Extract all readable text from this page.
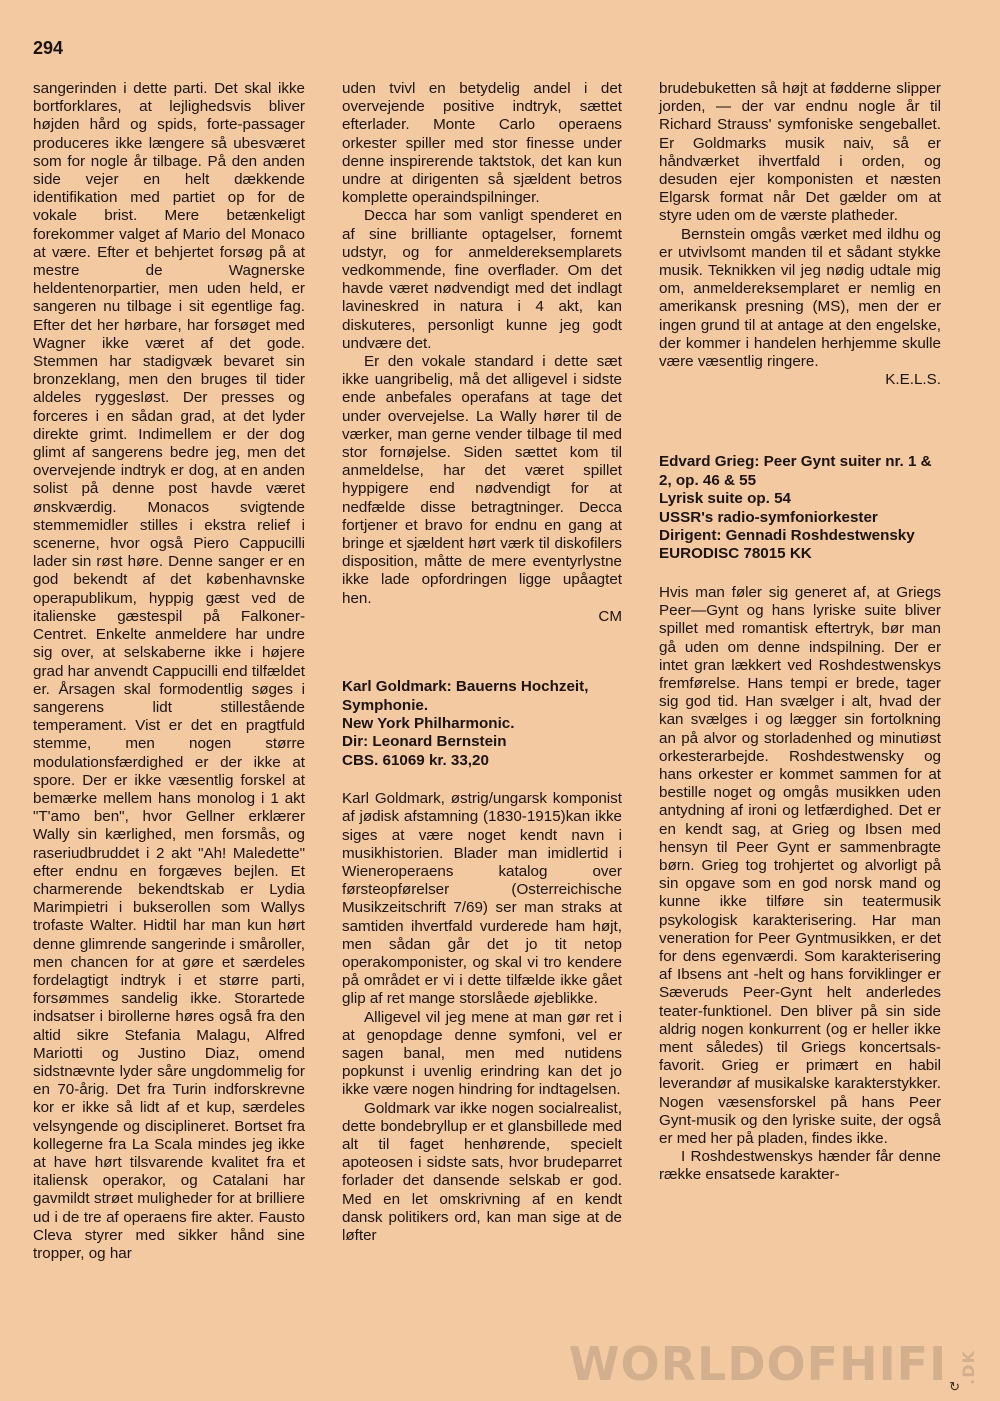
294

sangerinden i dette parti. Det skal ikke bortforklares, at lejlighedsvis bliver højden hård og spids, forte-passager produceres ikke længere så ubesværet som for nogle år tilbage. På den anden side vejer en helt dækkende identifikation med partiet op for de vokale brist. Mere betænkeligt forekommer valget af Mario del Monaco at være. Efter et behjertet forsøg på at mestre de Wagnerske heldentenorpartier, men uden held, er sangeren nu tilbage i sit egentlige fag. Efter det her hørbare, har forsøget med Wagner ikke været af det gode. Stemmen har stadigvæk bevaret sin bronzeklang, men den bruges til tider aldeles ryggesløst. Der presses og forceres i en sådan grad, at det lyder direkte grimt. Indimellem er der dog glimt af sangerens bedre jeg, men det overvejende indtryk er dog, at en anden solist på denne post havde været ønskværdig. Monacos svigtende stemmemidler stilles i ekstra relief i scenerne, hvor også Piero Cappucilli lader sin røst høre. Denne sanger er en god bekendt af det københavnske operapublikum, hyppig gæst ved de italienske gæstespil på Falkoner-Centret. Enkelte anmeldere har undre sig over, at selskaberne ikke i højere grad har anvendt Cappucilli end tilfældet er. Årsagen skal formodentlig søges i sangerens lidt stillestående temperament. Vist er det en pragtfuld stemme, men nogen større modulationsfærdighed er der ikke at spore. Der er ikke væsentlig forskel at bemærke mellem hans monolog i 1 akt "T'amo ben", hvor Gellner erklærer Wally sin kærlighed, men forsmås, og raseriudbruddet i 2 akt "Ah! Maledette" efter endnu en forgæves bejlen. Et charmerende bekendtskab er Lydia Marimpietri i bukserollen som Wallys trofaste Walter. Hidtil har man kun hørt denne glimrende sangerinde i småroller, men chancen for at gøre et særdeles fordelagtigt indtryk i et større parti, forsømmes sandelig ikke. Storartede indsatser i birollerne høres også fra den altid sikre Stefania Malagu, Alfred Mariotti og Justino Diaz, omend sidstnævnte lyder såre ungdommelig for en 70-årig. Det fra Turin indforskrevne kor er ikke så lidt af et kup, særdeles velsyngende og disciplineret. Bortset fra kollegerne fra La Scala mindes jeg ikke at have hørt tilsvarende kvalitet fra et italiensk operakor, og Catalani har gavmildt strøet muligheder for at brilliere ud i de tre af operaens fire akter. Fausto Cleva styrer med sikker hånd sine tropper, og har

uden tvivl en betydelig andel i det overvejende positive indtryk, sættet efterlader. Monte Carlo operaens orkester spiller med stor finesse under denne inspirerende taktstok, det kan kun undre at dirigenten så sjældent betros komplette operaindspilninger.

Decca har som vanligt spenderet en af sine brilliante optagelser, fornemt udstyr, og for anmeldereksemplarets vedkommende, fine overflader. Om det havde været nødvendigt med det indlagt lavineskred in natura i 4 akt, kan diskuteres, personligt kunne jeg godt undvære det.

Er den vokale standard i dette sæt ikke uangribelig, må det alligevel i sidste ende anbefales operafans at tage det under overvejelse. La Wally hører til de værker, man gerne vender tilbage til med stor fornøjelse. Siden sættet kom til anmeldelse, har det været spillet hyppigere end nødvendigt for at nedfælde disse betragtninger. Decca fortjener et bravo for endnu en gang at bringe et sjældent hørt værk til diskofilers disposition, måtte de mere eventyrlystne ikke lade opfordringen ligge upåagtet hen.

CM

Karl Goldmark: Bauerns Hochzeit, Symphonie.
New York Philharmonic.
Dir: Leonard Bernstein
CBS. 61069 kr. 33,20

Karl Goldmark, østrig/ungarsk komponist af jødisk afstamning (1830-1915)kan ikke siges at være noget kendt navn i musikhistorien. Blader man imidlertid i Wieneroperaens katalog over førsteopførelser (Osterreichische Musikzeitschrift 7/69) ser man straks at samtiden ihvertfald vurderede ham højt, men sådan går det jo tit netop operakomponister, og skal vi tro kendere på området er vi i dette tilfælde ikke gået glip af ret mange storslåede øjeblikke.

Alligevel vil jeg mene at man gør ret i at genopdage denne symfoni, vel er sagen banal, men med nutidens popkunst i uvenlig erindring kan det jo ikke være nogen hindring for indtagelsen.

Goldmark var ikke nogen socialrealist, dette bondebryllup er et glansbillede med alt til faget henhørende, specielt apoteosen i sidste sats, hvor brudeparret forlader det dansende selskab er god. Med en let omskrivning af en kendt dansk politikers ord, kan man sige at de løfter

brudebuketten så højt at fødderne slipper jorden, — der var endnu nogle år til Richard Strauss' symfoniske sengeballet. Er Goldmarks musik naiv, så er håndværket ihvertfald i orden, og desuden ejer komponisten et næsten Elgarsk format når Det gælder om at styre uden om de værste platheder.

Bernstein omgås værket med ildhu og er utvivlsomt manden til et sådant stykke musik. Teknikken vil jeg nødig udtale mig om, anmeldereksemplaret er nemlig en amerikansk presning (MS), men der er ingen grund til at antage at den engelske, der kommer i handelen herhjemme skulle være væsentlig ringere.

K.E.L.S.

Edvard Grieg: Peer Gynt suiter nr. 1 & 2, op. 46 & 55
Lyrisk suite op. 54
USSR's radio-symfoniorkester
Dirigent: Gennadi Roshdestwensky
EURODISC 78015 KK

Hvis man føler sig generet af, at Griegs Peer—Gynt og hans lyriske suite bliver spillet med romantisk eftertryk, bør man gå uden om denne indspilning. Der er intet gran lækkert ved Roshdestwenskys fremførelse. Hans tempi er brede, tager sig god tid. Han svælger i alt, hvad der kan svælges i og lægger sin fortolkning an på alvor og storladenhed og minutiøst orkesterarbejde. Roshdestwensky og hans orkester er kommet sammen for at bestille noget og omgås musikken uden antydning af ironi og letfærdighed. Det er en kendt sag, at Grieg og Ibsen med hensyn til Peer Gynt er sammenbragte børn. Grieg tog trohjertet og alvorligt på sin opgave som en god norsk mand og kunne ikke tilføre sin teatermusik psykologisk karakterisering. Har man veneration for Peer Gyntmusikken, er det for dens egenværdi. Som karakterisering af Ibsens ant -helt og hans forviklinger er Sæveruds Peer-Gynt helt anderledes teater-funktionel. Den bliver på sin side aldrig nogen konkurrent (og er heller ikke ment således) til Griegs koncertsals- favorit. Grieg er primært en habil leverandør af musikalske karakterstykker. Nogen væsensforskel på hans Peer Gynt-musik og den lyriske suite, der også er med her på pladen, findes ikke.

I Roshdestwenskys hænder får denne række ensatsede karakter-

WORLDOFHIFI .DK
↻
